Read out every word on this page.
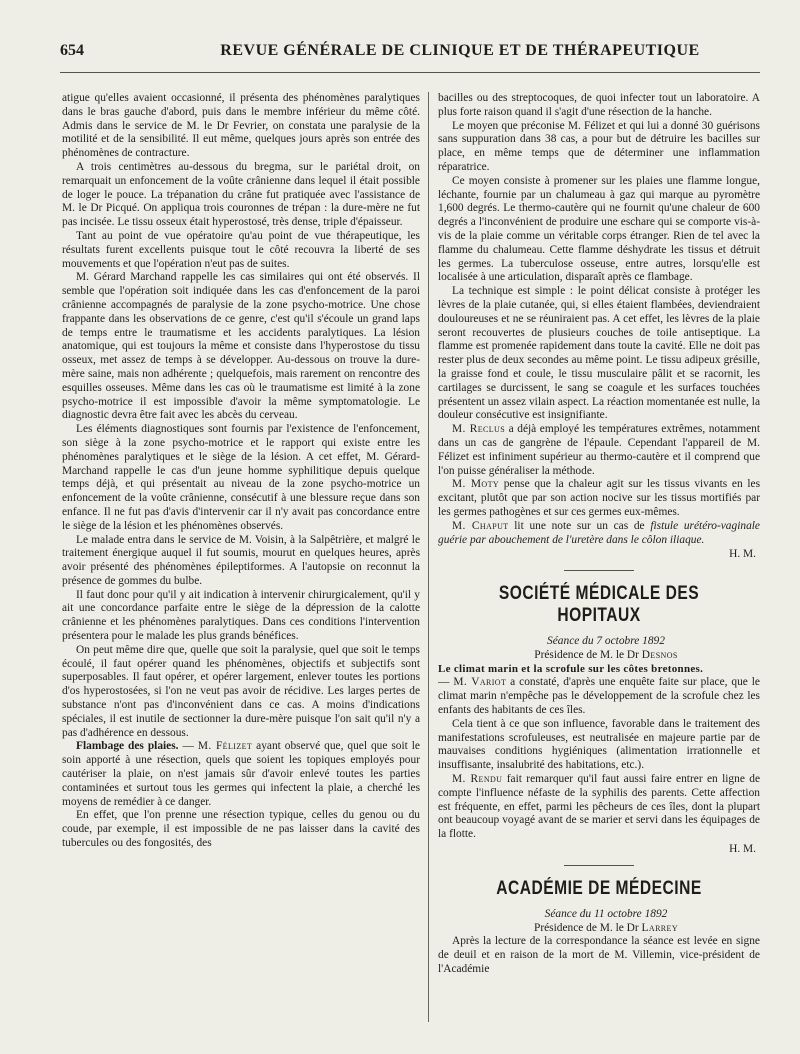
654	REVUE GÉNÉRALE DE CLINIQUE ET DE THÉRAPEUTIQUE

atigue qu'elles avaient occasionné, il présenta des phénomènes paralytiques dans le bras gauche d'abord, puis dans le membre inférieur du même côté. Admis dans le service de M. le Dr Fevrier, on constata une paralysie de la motilité et de la sensibilité. Il eut même, quelques jours après son entrée des phénomènes de contracture.

A trois centimètres au-dessous du bregma, sur le pariétal droit, on remarquait un enfoncement de la voûte crânienne dans lequel il était possible de loger le pouce. La trépanation du crâne fut pratiquée avec l'assistance de M. le Dr Picqué. On appliqua trois couronnes de trépan : la dure-mère ne fut pas incisée. Le tissu osseux était hyperostosé, très dense, triple d'épaisseur.

Tant au point de vue opératoire qu'au point de vue thérapeutique, les résultats furent excellents puisque tout le côté recouvra la liberté de ses mouvements et que l'opération n'eut pas de suites.

M. Gérard Marchand rappelle les cas similaires qui ont été observés. Il semble que l'opération soit indiquée dans les cas d'enfoncement de la paroi crânienne accompagnés de paralysie de la zone psycho-motrice. Une chose frappante dans les observations de ce genre, c'est qu'il s'écoule un grand laps de temps entre le traumatisme et les accidents paralytiques. La lésion anatomique, qui est toujours la même et consiste dans l'hyperostose du tissu osseux, met assez de temps à se développer. Au-dessous on trouve la dure-mère saine, mais non adhérente ; quelquefois, mais rarement on rencontre des esquilles osseuses. Même dans les cas où le traumatisme est limité à la zone psycho-motrice il est impossible d'avoir la même symptomatologie. Le diagnostic devra être fait avec les abcès du cerveau.

Les éléments diagnostiques sont fournis par l'existence de l'enfoncement, son siège à la zone psycho-motrice et le rapport qui existe entre les phénomènes paralytiques et le siège de la lésion. A cet effet, M. Gérard-Marchand rappelle le cas d'un jeune homme syphilitique depuis quelque temps déjà, et qui présentait au niveau de la zone psycho-motrice un enfoncement de la voûte crânienne, consécutif à une blessure reçue dans son enfance. Il ne fut pas d'avis d'intervenir car il n'y avait pas concordance entre le siège de la lésion et les phénomènes observés.

Le malade entra dans le service de M. Voisin, à la Salpêtrière, et malgré le traitement énergique auquel il fut soumis, mourut en quelques heures, après avoir présenté des phénomènes épileptiformes. A l'autopsie on reconnut la présence de gommes du bulbe.

Il faut donc pour qu'il y ait indication à intervenir chirurgicalement, qu'il y ait une concordance parfaite entre le siège de la dépression de la calotte crânienne et les phénomènes paralytiques. Dans ces conditions l'intervention présentera pour le malade les plus grands bénéfices.

On peut même dire que, quelle que soit la paralysie, quel que soit le temps écoulé, il faut opérer quand les phénomènes, objectifs et subjectifs sont superposables. Il faut opérer, et opérer largement, enlever toutes les portions d'os hyperostosées, si l'on ne veut pas avoir de récidive. Les larges pertes de substance n'ont pas d'inconvénient dans ce cas. A moins d'indications spéciales, il est inutile de sectionner la dure-mère puisque l'on sait qu'il n'y a pas d'adhérence en dessous.

Flambage des plaies. — M. Félizet ayant observé que, quel que soit le soin apporté à une résection, quels que soient les topiques employés pour cautériser la plaie, on n'est jamais sûr d'avoir enlevé toutes les parties contaminées et surtout tous les germes qui infectent la plaie, a cherché les moyens de remédier à ce danger.

En effet, que l'on prenne une résection typique, celles du genou ou du coude, par exemple, il est impossible de ne pas laisser dans la cavité des tubercules ou des fongosités, des

bacilles ou des streptocoques, de quoi infecter tout un laboratoire. A plus forte raison quand il s'agit d'une résection de la hanche.

Le moyen que préconise M. Félizet et qui lui a donné 30 guérisons sans suppuration dans 38 cas, a pour but de détruire les bacilles sur place, en même temps que de déterminer une inflammation réparatrice.

Ce moyen consiste à promener sur les plaies une flamme longue, léchante, fournie par un chalumeau à gaz qui marque au pyromètre 1,600 degrés. Le thermo-cautère qui ne fournit qu'une chaleur de 600 degrés a l'inconvénient de produire une eschare qui se comporte vis-à-vis de la plaie comme un véritable corps étranger. Rien de tel avec la flamme du chalumeau. Cette flamme déshydrate les tissus et détruit les germes. La tuberculose osseuse, entre autres, lorsqu'elle est localisée à une articulation, disparaît après ce flambage.

La technique est simple : le point délicat consiste à protéger les lèvres de la plaie cutanée, qui, si elles étaient flambées, deviendraient douloureuses et ne se réuniraient pas. A cet effet, les lèvres de la plaie seront recouvertes de plusieurs couches de toile antiseptique. La flamme est promenée rapidement dans toute la cavité. Elle ne doit pas rester plus de deux secondes au même point. Le tissu adipeux grésille, la graisse fond et coule, le tissu musculaire pâlit et se racornit, les cartilages se durcissent, le sang se coagule et les surfaces touchées présentent un assez vilain aspect. La réaction momentanée est nulle, la douleur consécutive est insignifiante.

M. Reclus a déjà employé les températures extrêmes, notamment dans un cas de gangrène de l'épaule. Cependant l'appareil de M. Félizet est infiniment supérieur au thermo-cautère et il comprend que l'on puisse généraliser la méthode.

M. Moty pense que la chaleur agit sur les tissus vivants en les excitant, plutôt que par son action nocive sur les tissus mortifiés par les germes pathogènes et sur ces germes eux-mêmes.

M. Chaput lit une note sur un cas de fistule urétéro-vaginale guérie par abouchement de l'uretère dans le côlon iliaque.

H. M.
SOCIÉTÉ MÉDICALE DES HOPITAUX

Séance du 7 octobre 1892

Présidence de M. le Dr Desnos

Le climat marin et la scrofule sur les côtes bretonnes.

— M. Variot a constaté, d'après une enquête faite sur place, que le climat marin n'empêche pas le développement de la scrofule chez les enfants des habitants de ces îles.

Cela tient à ce que son influence, favorable dans le traitement des manifestations scrofuleuses, est neutralisée en majeure partie par de mauvaises conditions hygiéniques (alimentation irrationnelle et insuffisante, insalubrité des habitations, etc.).

M. Rendu fait remarquer qu'il faut aussi faire entrer en ligne de compte l'influence néfaste de la syphilis des parents. Cette affection est fréquente, en effet, parmi les pêcheurs de ces îles, dont la plupart ont beaucoup voyagé avant de se marier et servi dans les équipages de la flotte.

H. M.
ACADÉMIE DE MÉDECINE

Séance du 11 octobre 1892

Présidence de M. le Dr Larrey

Après la lecture de la correspondance la séance est levée en signe de deuil et en raison de la mort de M. Villemin, vice-président de l'Académie
